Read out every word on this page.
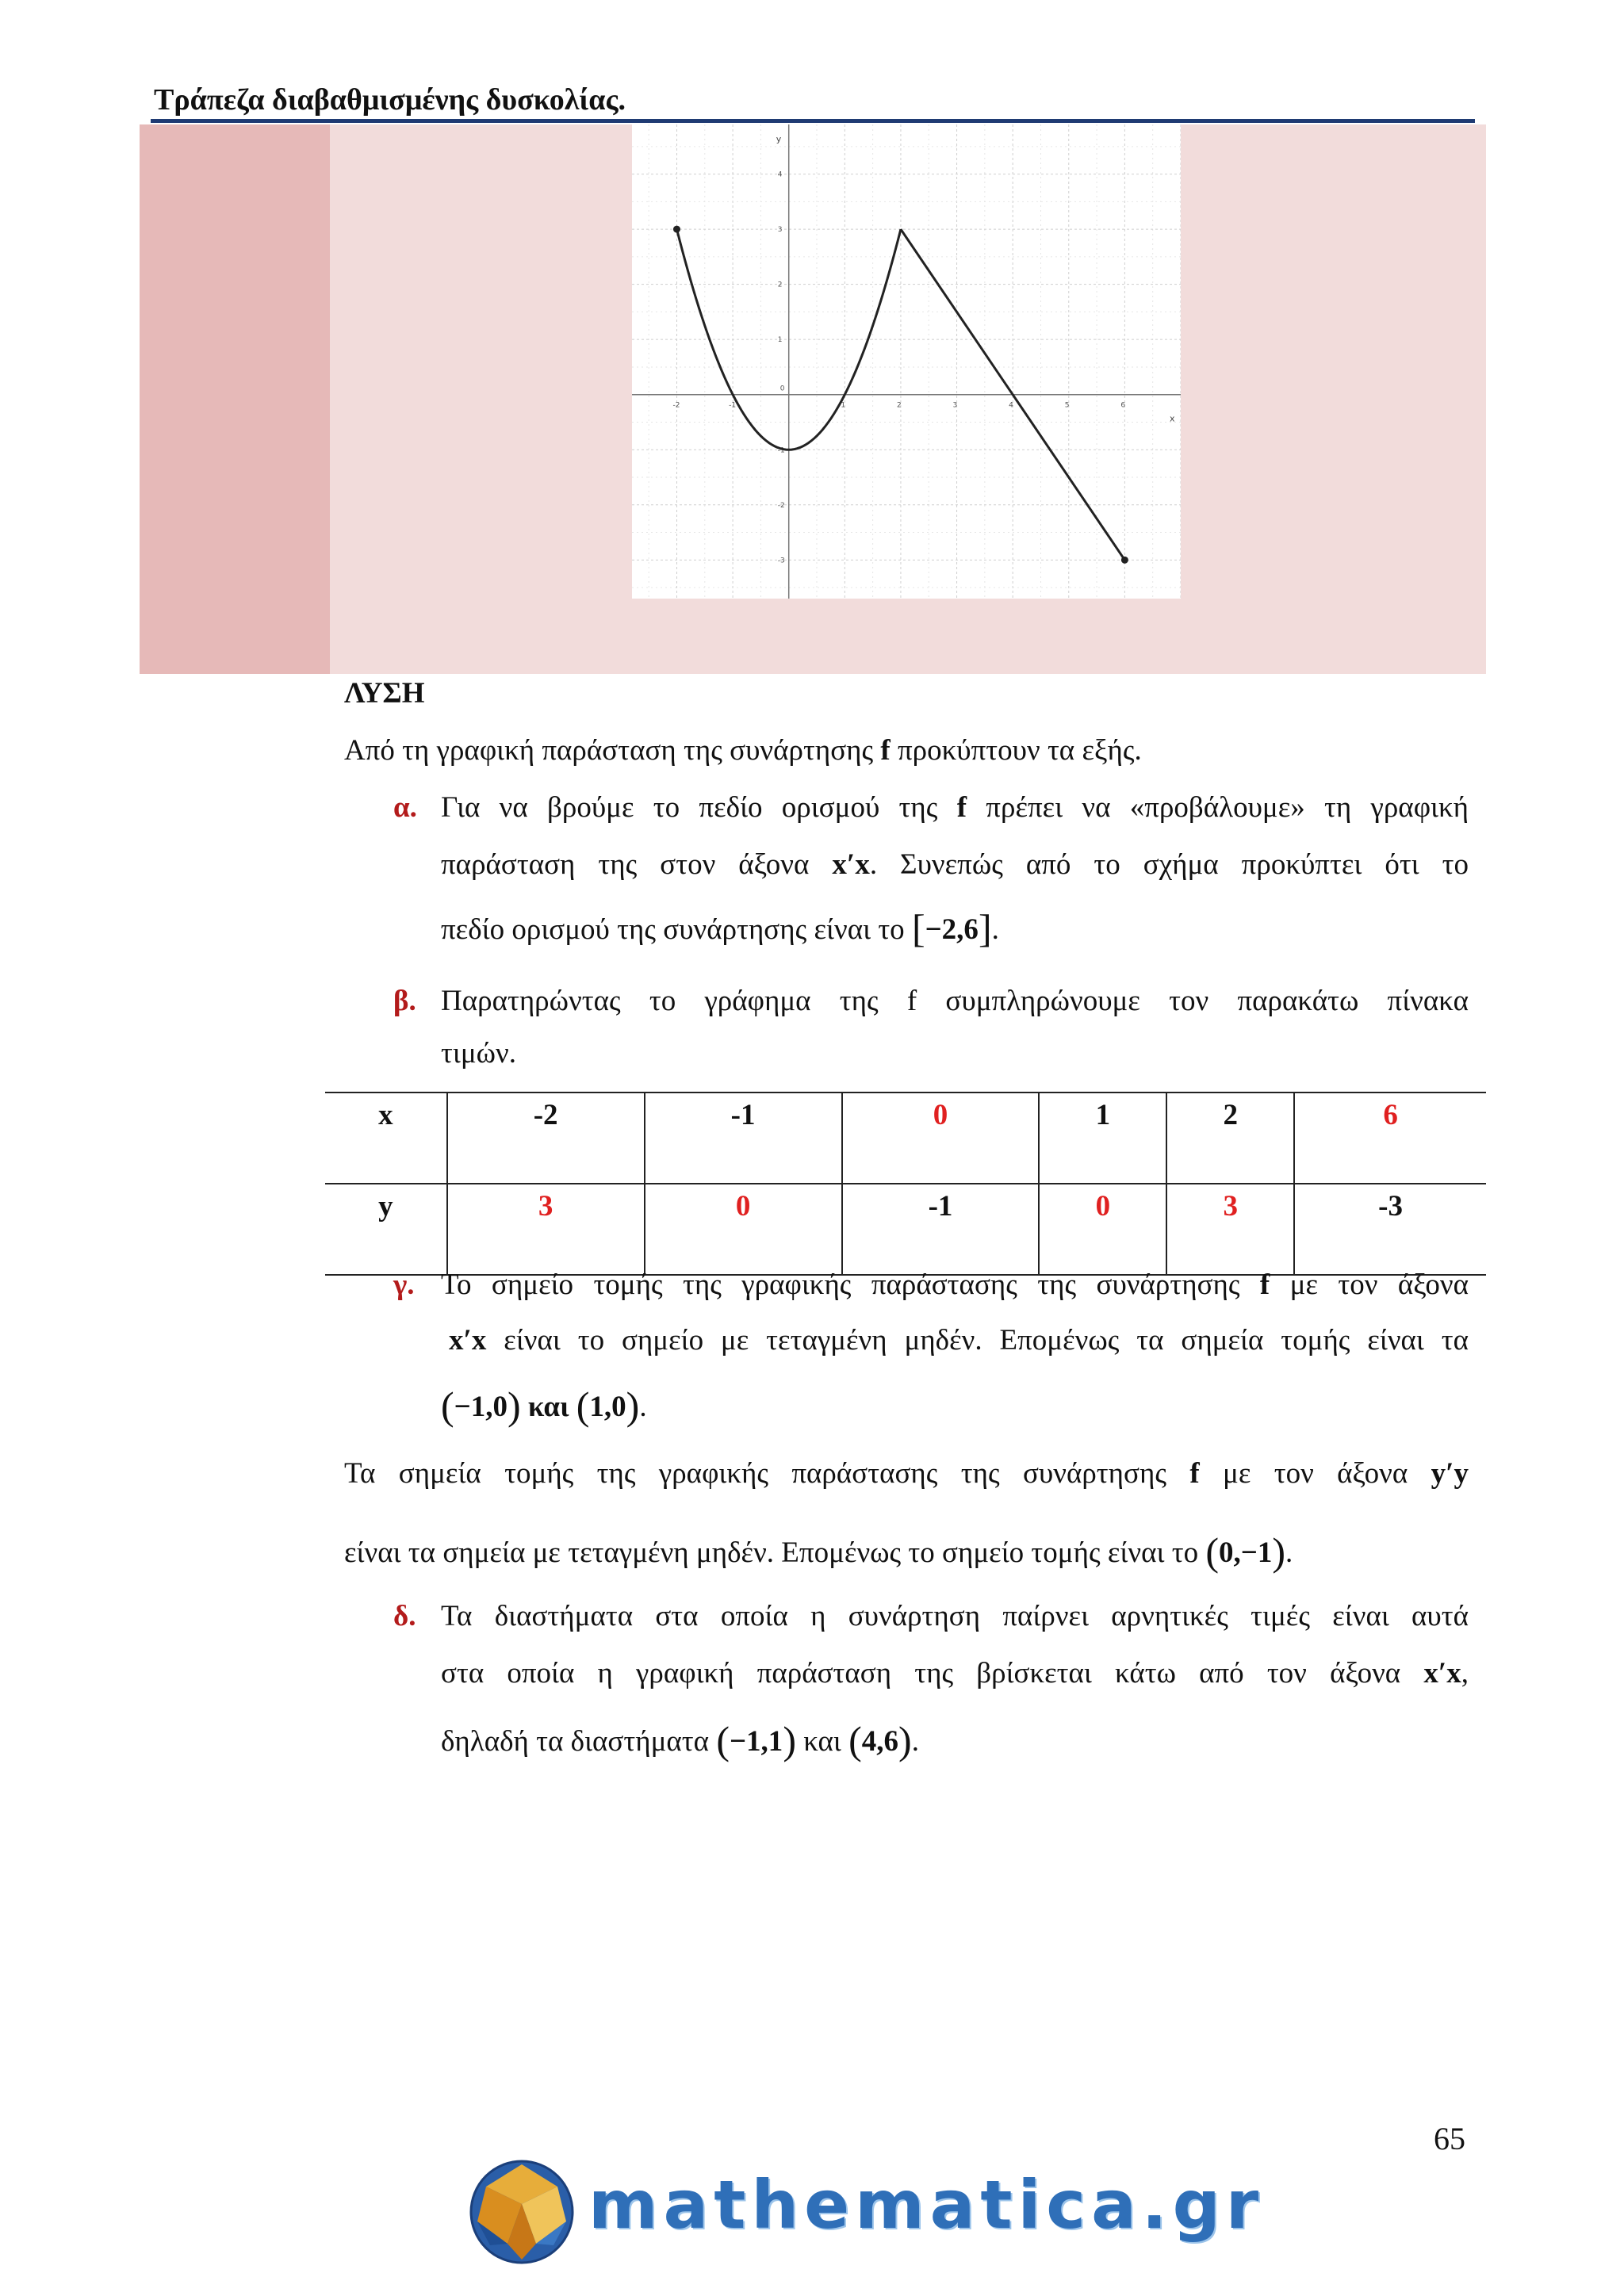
Τράπεζα διαβαθμισμένης δυσκολίας.
-2	-1	1	2	3	4	5	6
4
3
2
1
-1
-2
-3
0
x
y
ΛΥΣΗ
Από τη γραφική παράσταση της συνάρτησης f προκύπτουν τα εξής.
α. Για να βρούμε το πεδίο ορισμού της f πρέπει να «προβάλουμε» τη γραφική
παράσταση της στον άξονα x′x. Συνεπώς από το σχήμα προκύπτει ότι το
πεδίο ορισμού της συνάρτησης είναι το [−2,6].
β. Παρατηρώντας το γράφημα της f συμπληρώνουμε τον παρακάτω πίνακα
τιμών.
x	-2	-1	0	1	2	6
y	3	0	-1	0	3	-3
γ. Το σημείο τομής της γραφικής παράστασης της συνάρτησης f με τον άξονα
x′x είναι το σημείο με τεταγμένη μηδέν. Επομένως τα σημεία τομής είναι τα
(−1,0) και (1,0).
Τα σημεία τομής της γραφικής παράστασης της συνάρτησης f με τον άξονα y′y
είναι τα σημεία με τεταγμένη μηδέν. Επομένως το σημείο τομής είναι το (0,−1).
δ. Τα διαστήματα στα οποία η συνάρτηση παίρνει αρνητικές τιμές είναι αυτά
στα οποία η γραφική παράσταση της βρίσκεται κάτω από τον άξονα x′x,
δηλαδή τα διαστήματα (−1,1) και (4,6).
65
mathematica.gr
